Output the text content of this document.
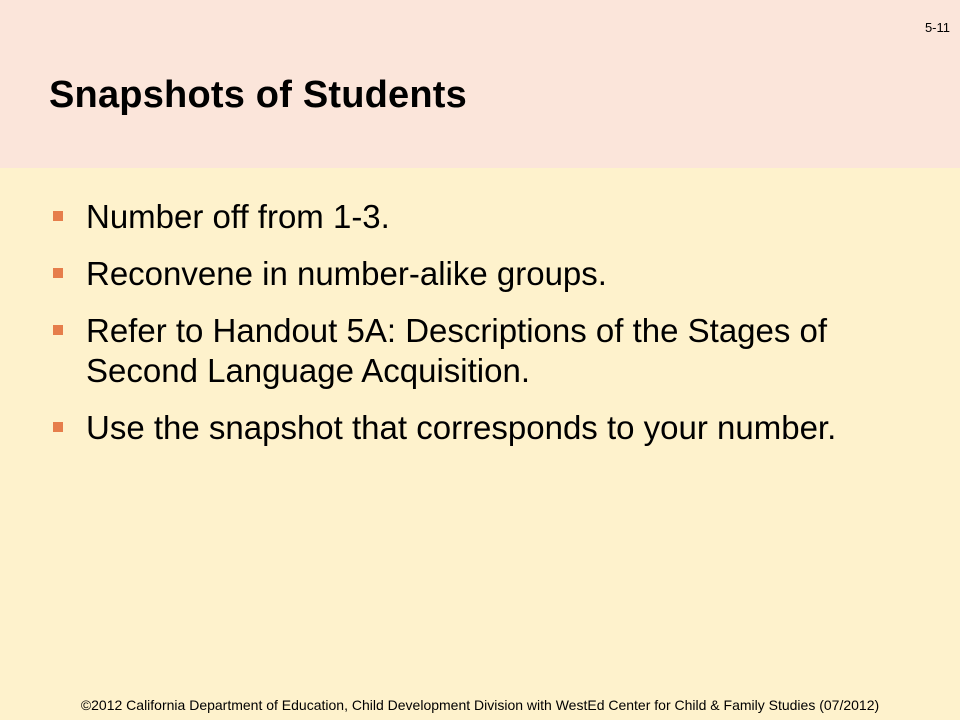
5-11
Snapshots of Students
Number off from 1-3.
Reconvene in number-alike groups.
Refer to Handout 5A: Descriptions of the Stages of Second Language Acquisition.
Use the snapshot that corresponds to your number.
©2012 California Department of Education, Child Development Division with WestEd Center for Child & Family Studies (07/2012)
